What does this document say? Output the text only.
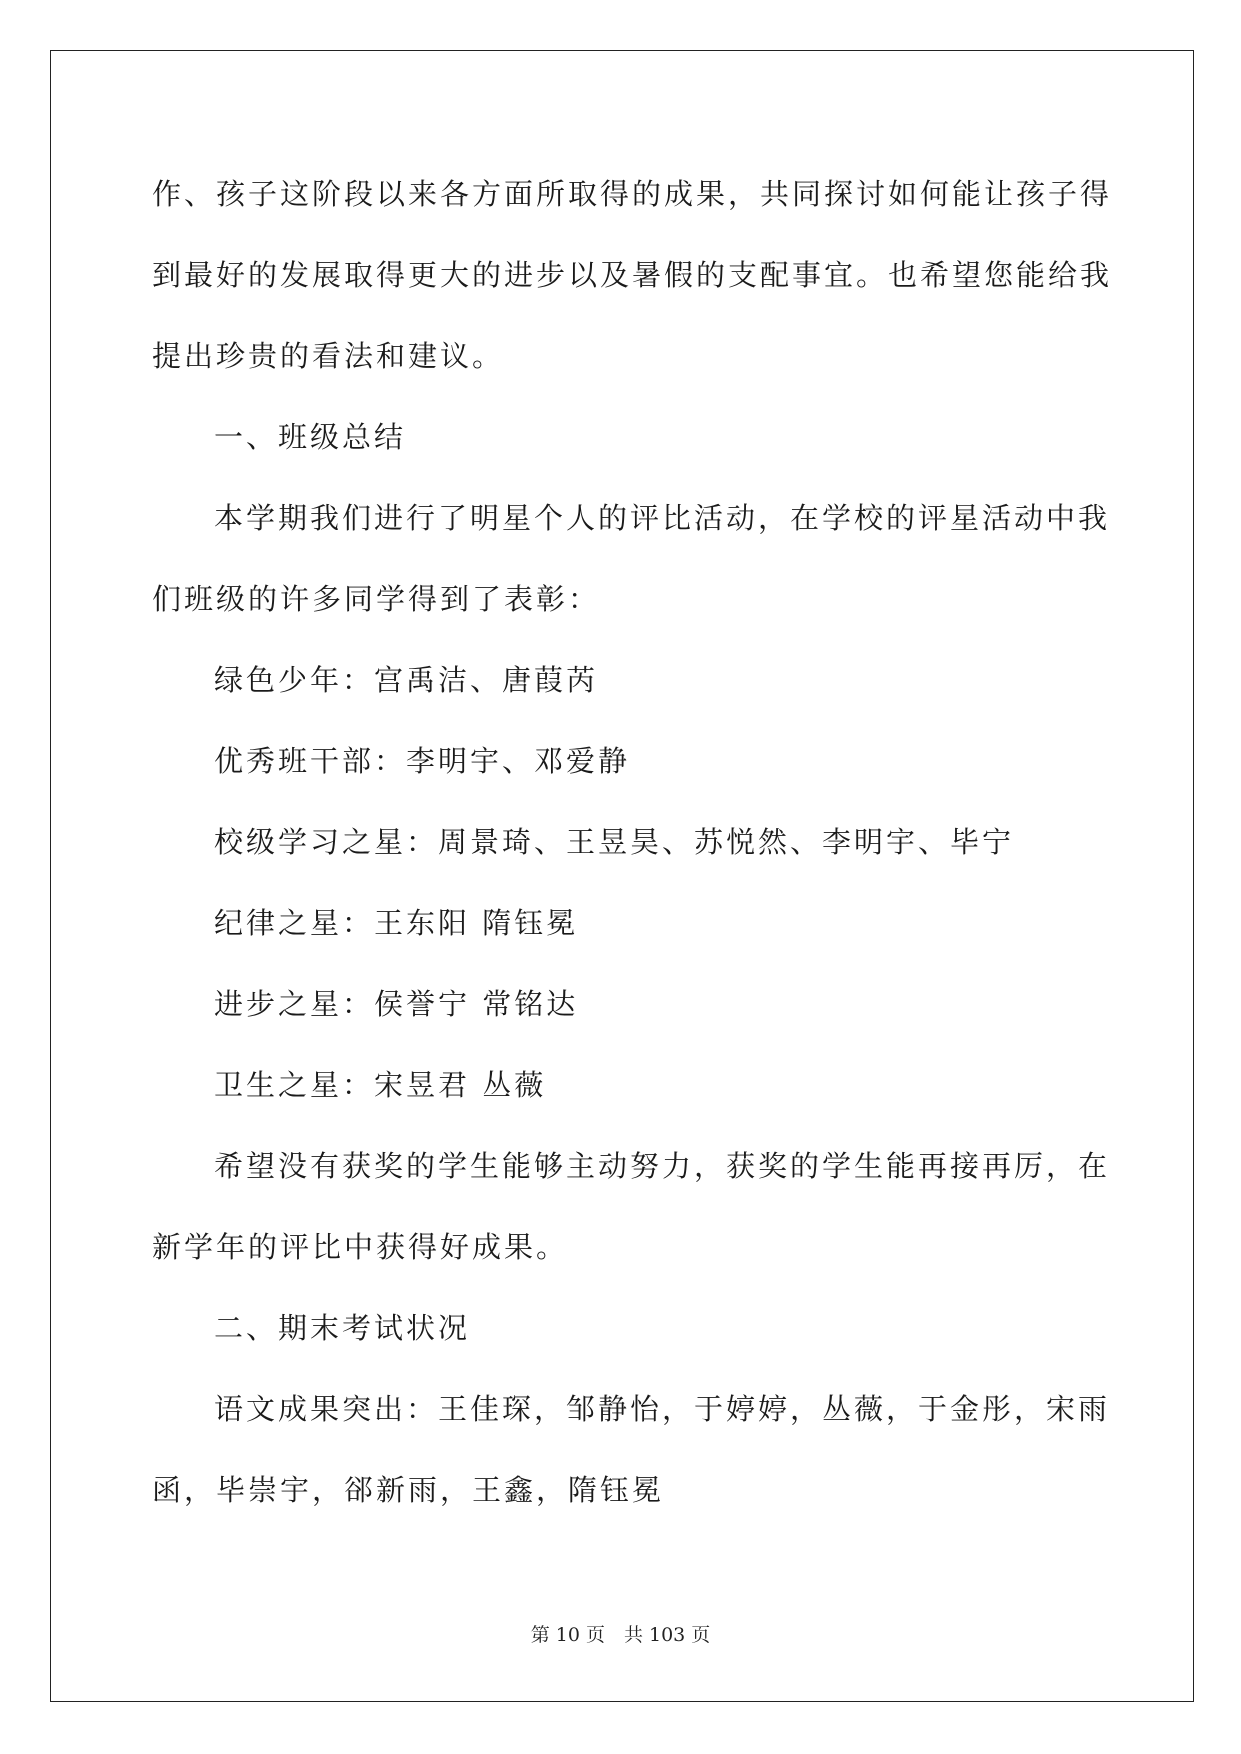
作、孩子这阶段以来各方面所取得的成果，共同探讨如何能让孩子得

到最好的发展取得更大的进步以及暑假的支配事宜。也希望您能给我

提出珍贵的看法和建议。

一、班级总结

本学期我们进行了明星个人的评比活动，在学校的评星活动中我

们班级的许多同学得到了表彰：

绿色少年：宫禹洁、唐葭芮

优秀班干部：李明宇、邓爱静

校级学习之星：周景琦、王昱昊、苏悦然、李明宇、毕宁

纪律之星：王东阳 隋钰冕

进步之星：侯誉宁 常铭达

卫生之星：宋昱君 丛薇

希望没有获奖的学生能够主动努力，获奖的学生能再接再厉，在

新学年的评比中获得好成果。

二、期末考试状况

语文成果突出：王佳琛，邹静怡，于婷婷，丛薇，于金彤，宋雨

函，毕崇宇，郤新雨，王鑫，隋钰冕

第 10 页　共 103 页
